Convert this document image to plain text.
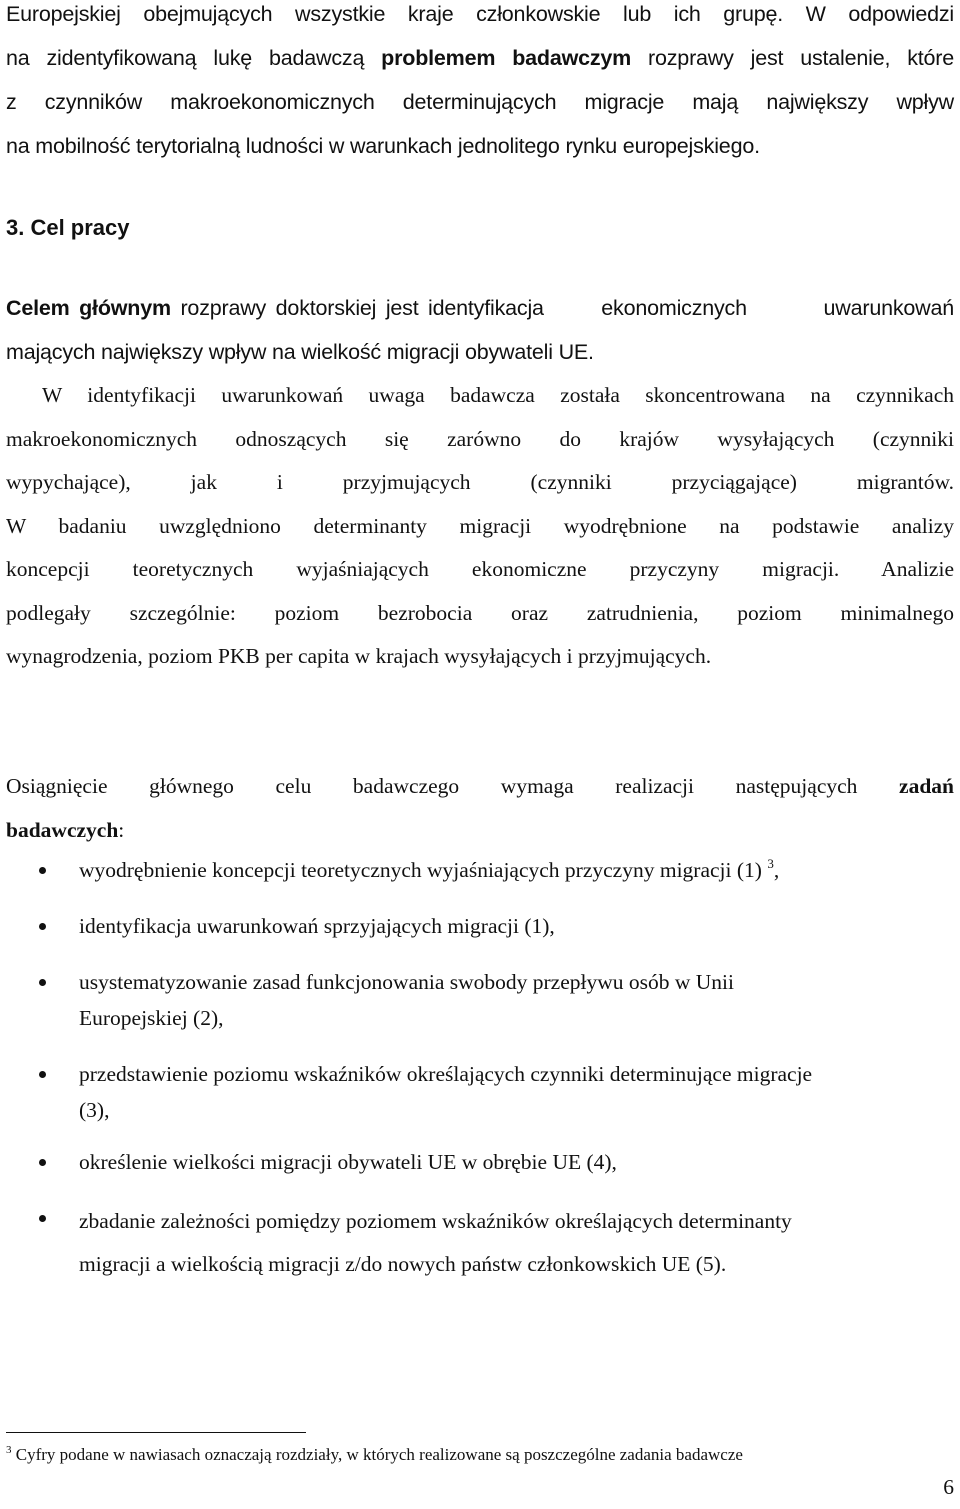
Europejskiej obejmujących wszystkie kraje członkowskie lub ich grupę. W odpowiedzi
na zidentyfikowaną lukę badawczą problemem badawczym rozprawy jest ustalenie, które
z czynników makroekonomicznych determinujących migracje mają największy wpływ
na mobilność terytorialną ludności w warunkach jednolitego rynku europejskiego.
3. Cel pracy
Celem głównym rozprawy doktorskiej jest identyfikacja	ekonomicznych	uwarunkowań
mających największy wpływ na wielkość migracji obywateli UE.
W identyfikacji uwarunkowań uwaga badawcza została skoncentrowana na czynnikach
makroekonomicznych odnoszących się zarówno do krajów wysyłających (czynniki
wypychające), jak i przyjmujących (czynniki przyciągające) migrantów.
W badaniu uwzględniono determinanty migracji wyodrębnione na podstawie analizy
koncepcji teoretycznych wyjaśniających ekonomiczne przyczyny migracji. Analizie
podlegały szczególnie: poziom bezrobocia oraz zatrudnienia, poziom minimalnego
wynagrodzenia, poziom PKB per capita w krajach wysyłających i przyjmujących.
Osiągnięcie głównego celu badawczego wymaga realizacji następujących zadań
badawczych:
wyodrębnienie koncepcji teoretycznych wyjaśniających przyczyny migracji (1) $^3$,
identyfikacja uwarunkowań sprzyjających migracji (1),
usystematyzowanie zasad funkcjonowania swobody przepływu osób w Unii
Europejskiej (2),
przedstawienie poziomu wskaźników określających czynniki determinujące migracje
(3),
określenie wielkości migracji obywateli UE w obrębie UE (4),
zbadanie zależności pomiędzy poziomem wskaźników określających determinanty
migracji a wielkością migracji z/do nowych państw członkowskich UE (5).
$^3$ Cyfry podane w nawiasach oznaczają rozdziały, w których realizowane są poszczególne zadania badawcze
6
